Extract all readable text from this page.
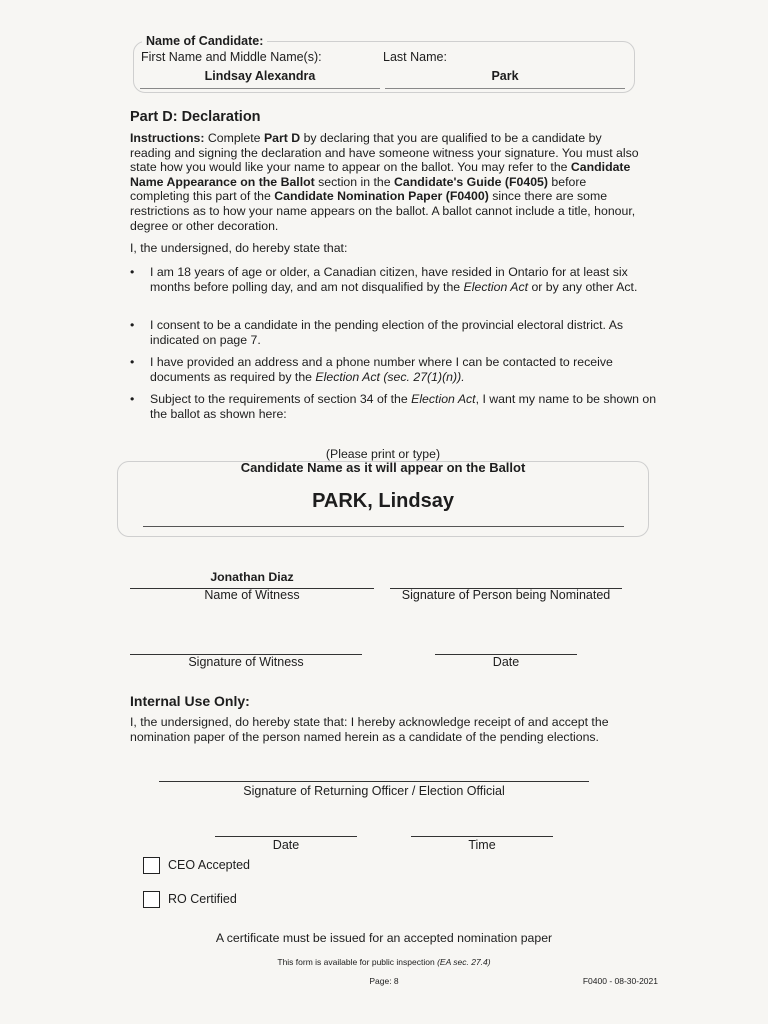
Name of Candidate:
First Name and Middle Name(s):	Last Name:
Lindsay Alexandra	Park
Part D: Declaration
Instructions: Complete Part D by declaring that you are qualified to be a candidate by reading and signing the declaration and have someone witness your signature. You must also state how you would like your name to appear on the ballot. You may refer to the Candidate Name Appearance on the Ballot section in the Candidate's Guide (F0405) before completing this part of the Candidate Nomination Paper (F0400) since there are some restrictions as to how your name appears on the ballot. A ballot cannot include a title, honour, degree or other decoration.
I, the undersigned, do hereby state that:
• I am 18 years of age or older, a Canadian citizen, have resided in Ontario for at least six months before polling day, and am not disqualified by the Election Act or by any other Act.
• I consent to be a candidate in the pending election of the provincial electoral district. As indicated on page 7.
• I have provided an address and a phone number where I can be contacted to receive documents as required by the Election Act (sec. 27(1)(n)).
• Subject to the requirements of section 34 of the Election Act, I want my name to be shown on the ballot as shown here:
(Please print or type)
Candidate Name as it will appear on the Ballot
PARK, Lindsay
Jonathan Diaz
Name of Witness	Signature of Person being Nominated
Signature of Witness	Date
Internal Use Only:
I, the undersigned, do hereby state that: I hereby acknowledge receipt of and accept the nomination paper of the person named herein as a candidate of the pending elections.
Signature of Returning Officer / Election Official
Date	Time
CEO Accepted
RO Certified
A certificate must be issued for an accepted nomination paper
This form is available for public inspection (EA sec. 27.4)
Page: 8	F0400 - 08-30-2021
